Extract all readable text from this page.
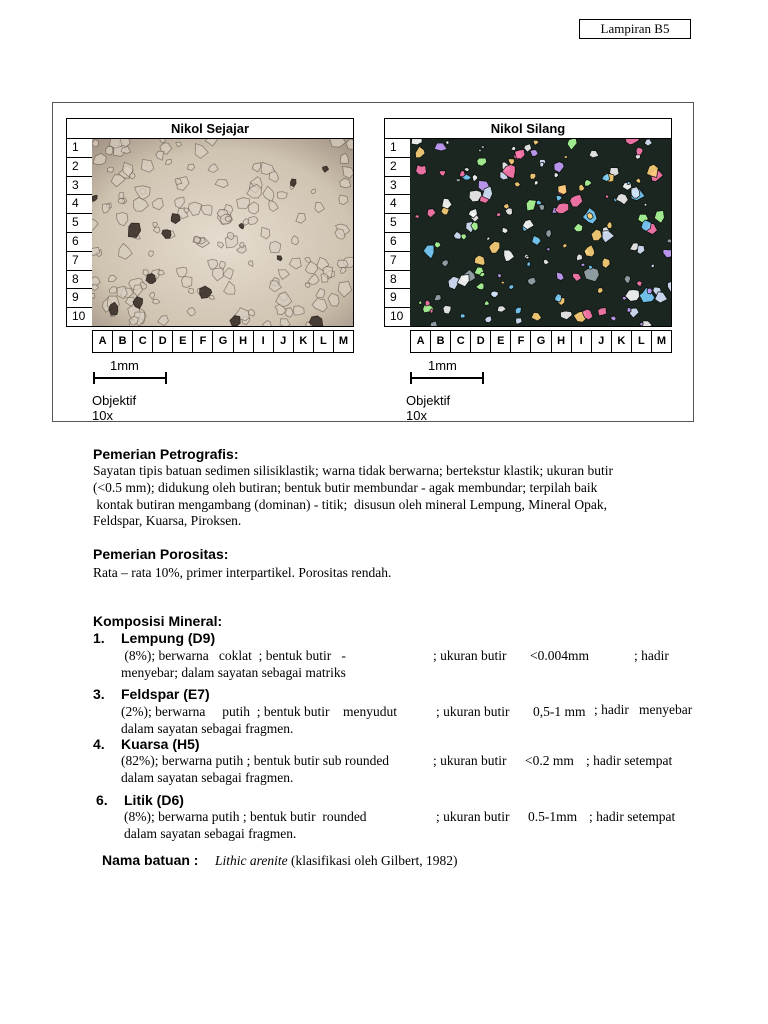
Lampiran B5
Nikol Sejajar
1
2
3
4
5
6
7
8
9
10
A	B	C	D	E	F	G	H	I	J	K	L	M
1mm
Objektif 10x
Nikol Silang
1
2
3
4
5
6
7
8
9
10
A	B	C	D	E	F	G	H	I	J	K	L	M
1mm
Objektif 10x
Pemerian Petrografis:
Sayatan tipis batuan sedimen silisiklastik; warna tidak berwarna; bertekstur klastik; ukuran butir
(<0.5 mm); didukung oleh butiran; bentuk butir membundar - agak membundar; terpilah baik
kontak butiran mengambang (dominan) - titik;  disusun oleh mineral Lempung, Mineral Opak,
Feldspar, Kuarsa, Piroksen.
Pemerian Porositas:
Rata – rata 10%, primer interpartikel. Porositas rendah.
Komposisi Mineral:
1. Lempung (D9)
(8%); berwarna   coklat  ; bentuk butir   -	; ukuran butir <0.004mm	; hadir
menyebar; dalam sayatan sebagai matriks
3. Feldspar (E7)
(2%); berwarna     putih  ; bentuk butir    menyudut	; ukuran butir 0,5-1 mm ; hadir   menyebar
dalam sayatan sebagai fragmen.
4. Kuarsa (H5)
(82%); berwarna putih ; bentuk butir sub rounded	; ukuran butir <0.2 mm ; hadir setempat
dalam sayatan sebagai fragmen.
6. Litik (D6)
(8%); berwarna putih ; bentuk butir  rounded	; ukuran butir 0.5-1mm ; hadir setempat
dalam sayatan sebagai fragmen.
Nama batuan : Lithic arenite (klasifikasi oleh Gilbert, 1982)
